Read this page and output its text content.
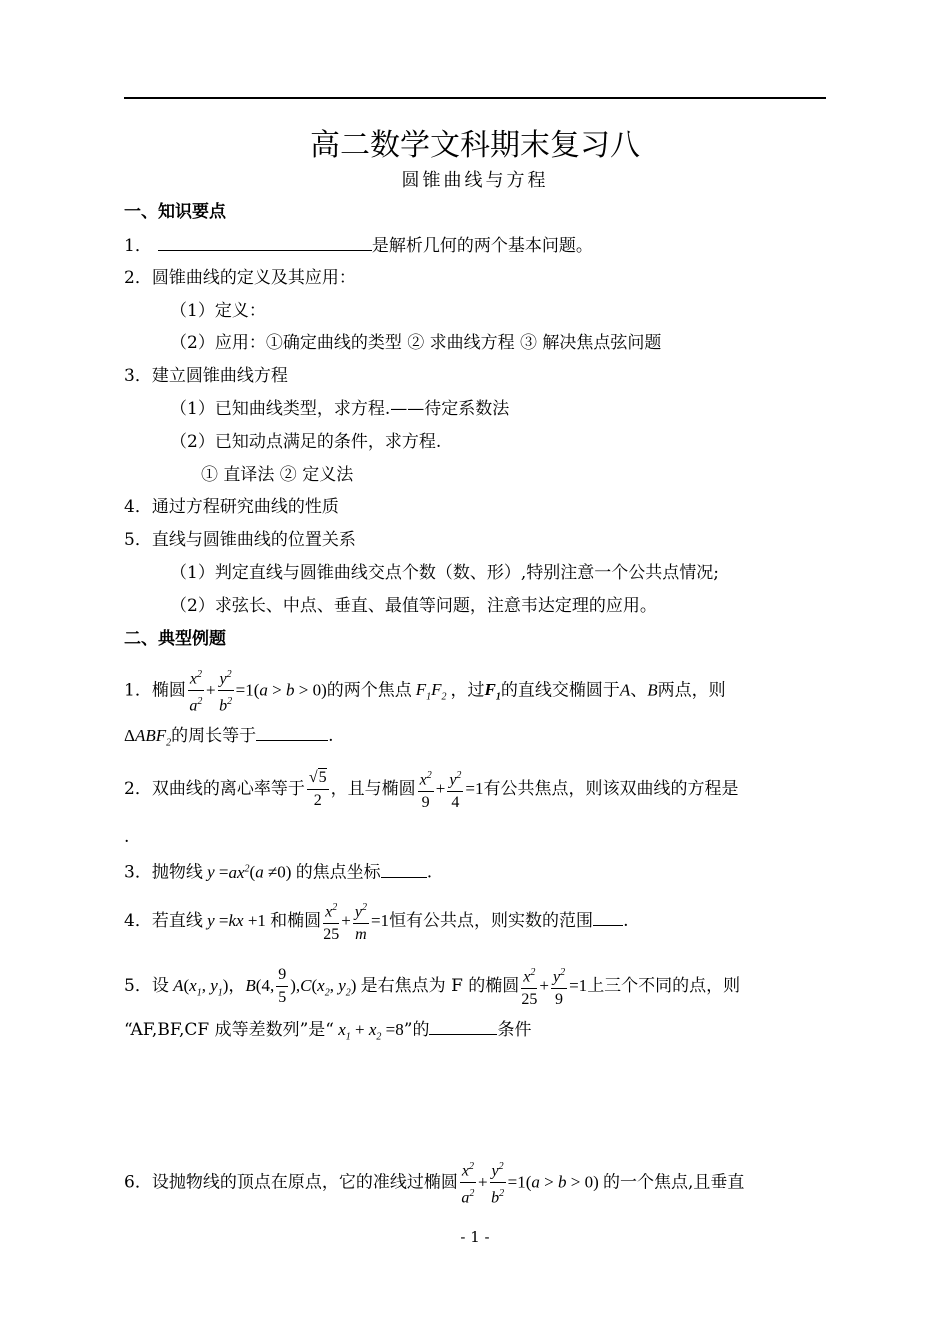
高二数学文科期末复习八
圆锥曲线与方程
一、知识要点
1．	是解析几何的两个基本问题。
2．圆锥曲线的定义及其应用：
（1）定义：
（2）应用：①确定曲线的类型 ② 求曲线方程 ③ 解决焦点弦问题
3．建立圆锥曲线方程
（1）已知曲线类型，求方程.——待定系数法
（2）已知动点满足的条件，求方程.
① 直译法 ② 定义法
4．通过方程研究曲线的性质
5．直线与圆锥曲线的位置关系
（1）判定直线与圆锥曲线交点个数（数、形）,特别注意一个公共点情况;
（2）求弦长、中点、垂直、最值等问题，注意韦达定理的应用。
二、典型例题
1．椭圆 $\frac{x^2}{a^2} + \frac{y^2}{b^2} =1(a > b > 0)$的两个焦点 $F_1F_2$ ，过$F_1$的直线交椭圆于A、B两点，则
$\Delta ABF_2$的周长等于	.
2．双曲线的离心率等于 $\frac{√5}{2}$ ，且与椭圆 $\frac{x^2}{9} + \frac{y^2}{4} =1$有公共焦点，则该双曲线的方程是
.
3．抛物线 $y =ax^2(a \ne 0)$ 的焦点坐标	.
4．若直线 y =kx +1 和椭圆 $\frac{x^2}{25} + \frac{y^2}{m} =1$恒有公共点，则实数的范围 .
5．设 $A(x_1$, $y_1$)，B(4, $\frac{9}{5} ),C(x_2$, $y_2$) 是右焦点为 F 的椭圆 $\frac{x^2}{25} + \frac{y^2}{9} =1$上三个不同的点，则
“AF,BF,CF 成等差数列”是“ $x_1 + x_2 =8$”的	条件
6．设抛物线的顶点在原点，它的准线过椭圆 $\frac{x^2}{a^2} + \frac{y^2}{b^2} =1(a > b > 0)$ 的一个焦点,且垂直
- 1 -
